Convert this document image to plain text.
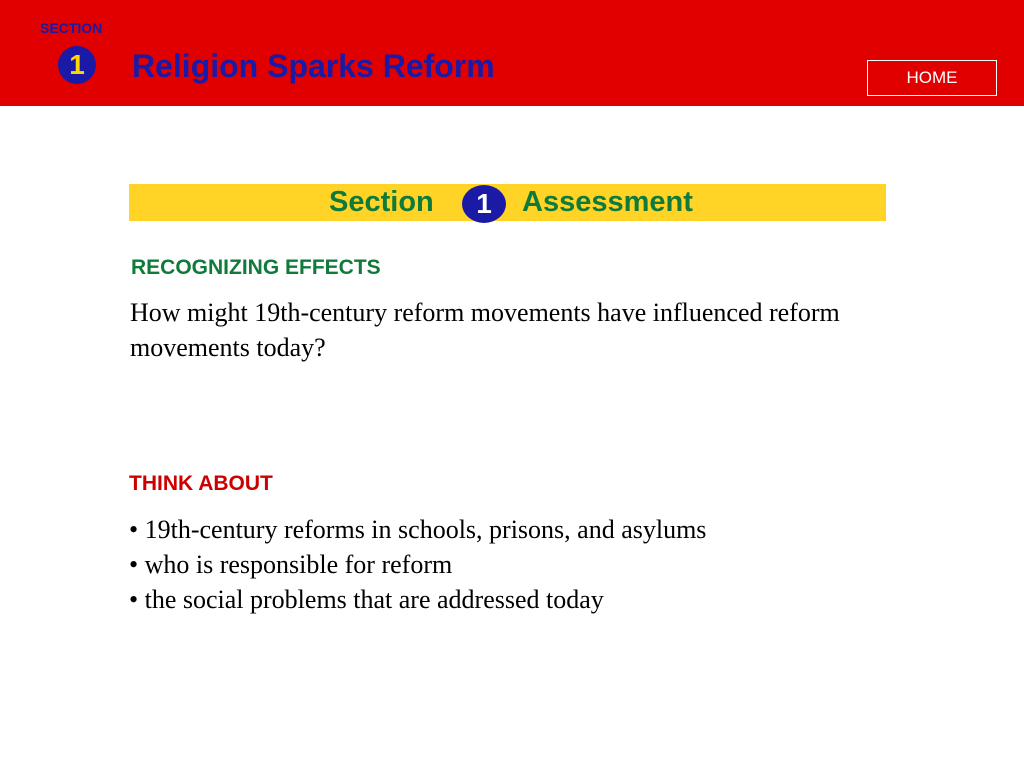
SECTION
1	Religion Sparks Reform	HOME
Section	1	Assessment
RECOGNIZING EFFECTS
How might 19th-century reform movements have influenced reform movements today?
THINK ABOUT
• 19th-century reforms in schools, prisons, and asylums
• who is responsible for reform
• the social problems that are addressed today
